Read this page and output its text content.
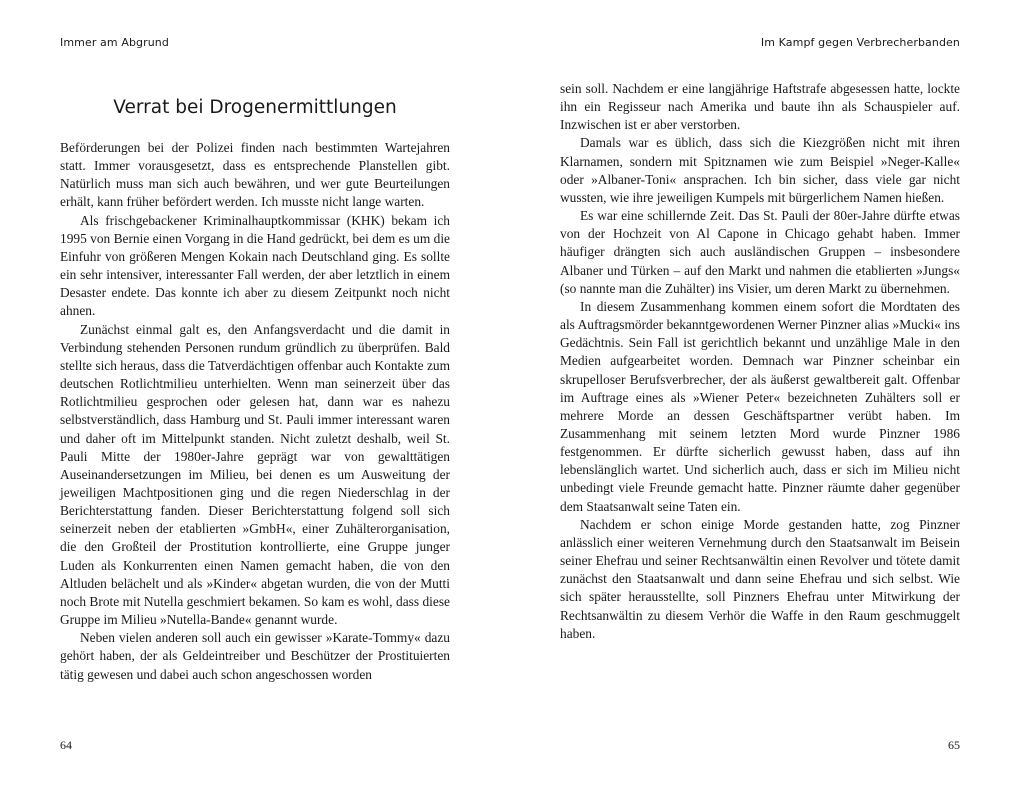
Immer am Abgrund
Verrat bei Drogenermittlungen

Beförderungen bei der Polizei finden nach bestimmten Wartejahren statt. Immer vorausgesetzt, dass es entsprechende Planstellen gibt. Natürlich muss man sich auch bewähren, und wer gute Beurteilungen erhält, kann früher befördert werden. Ich musste nicht lange warten.

Als frischgebackener Kriminalhauptkommissar (KHK) bekam ich 1995 von Bernie einen Vorgang in die Hand gedrückt, bei dem es um die Einfuhr von größeren Mengen Kokain nach Deutschland ging. Es sollte ein sehr intensiver, interessanter Fall werden, der aber letztlich in einem Desaster endete. Das konnte ich aber zu diesem Zeitpunkt noch nicht ahnen.

Zunächst einmal galt es, den Anfangsverdacht und die damit in Verbindung stehenden Personen rundum gründlich zu überprüfen. Bald stellte sich heraus, dass die Tatverdächtigen offenbar auch Kontakte zum deutschen Rotlichtmilieu unterhielten. Wenn man seinerzeit über das Rotlichtmilieu gesprochen oder gelesen hat, dann war es nahezu selbstverständlich, dass Hamburg und St. Pauli immer interessant waren und daher oft im Mittelpunkt standen. Nicht zuletzt deshalb, weil St. Pauli Mitte der 1980er-Jahre geprägt war von gewalttätigen Auseinandersetzungen im Milieu, bei denen es um Ausweitung der jeweiligen Machtpositionen ging und die regen Niederschlag in der Berichterstattung fanden. Dieser Berichterstattung folgend soll sich seinerzeit neben der etablierten »GmbH«, einer Zuhälterorganisation, die den Großteil der Prostitution kontrollierte, eine Gruppe junger Luden als Konkurrenten einen Namen gemacht haben, die von den Altluden belächelt und als »Kinder« abgetan wurden, die von der Mutti noch Brote mit Nutella geschmiert bekamen. So kam es wohl, dass diese Gruppe im Milieu »Nutella-Bande« genannt wurde.

Neben vielen anderen soll auch ein gewisser »Karate-Tommy« dazu gehört haben, der als Geldeintreiber und Beschützer der Prostituierten tätig gewesen und dabei auch schon angeschossen worden

64
Im Kampf gegen Verbrecherbanden

sein soll. Nachdem er eine langjährige Haftstrafe abgesessen hatte, lockte ihn ein Regisseur nach Amerika und baute ihn als Schauspieler auf. Inzwischen ist er aber verstorben.

Damals war es üblich, dass sich die Kiezgrößen nicht mit ihren Klarnamen, sondern mit Spitznamen wie zum Beispiel »Neger-Kalle« oder »Albaner-Toni« ansprachen. Ich bin sicher, dass viele gar nicht wussten, wie ihre jeweiligen Kumpels mit bürgerlichem Namen hießen.

Es war eine schillernde Zeit. Das St. Pauli der 80er-Jahre dürfte etwas von der Hochzeit von Al Capone in Chicago gehabt haben. Immer häufiger drängten sich auch ausländischen Gruppen – insbesondere Albaner und Türken – auf den Markt und nahmen die etablierten »Jungs« (so nannte man die Zuhälter) ins Visier, um deren Markt zu übernehmen.

In diesem Zusammenhang kommen einem sofort die Mordtaten des als Auftragsmörder bekanntgewordenen Werner Pinzner alias »Mucki« ins Gedächtnis. Sein Fall ist gerichtlich bekannt und unzählige Male in den Medien aufgearbeitet worden. Demnach war Pinzner scheinbar ein skrupelloser Berufsverbrecher, der als äußerst gewaltbereit galt. Offenbar im Auftrage eines als »Wiener Peter« bezeichneten Zuhälters soll er mehrere Morde an dessen Geschäftspartner verübt haben. Im Zusammenhang mit seinem letzten Mord wurde Pinzner 1986 festgenommen. Er dürfte sicherlich gewusst haben, dass auf ihn lebenslänglich wartet. Und sicherlich auch, dass er sich im Milieu nicht unbedingt viele Freunde gemacht hatte. Pinzner räumte daher gegenüber dem Staatsanwalt seine Taten ein.

Nachdem er schon einige Morde gestanden hatte, zog Pinzner anlässlich einer weiteren Vernehmung durch den Staatsanwalt im Beisein seiner Ehefrau und seiner Rechtsanwältin einen Revolver und tötete damit zunächst den Staatsanwalt und dann seine Ehefrau und sich selbst. Wie sich später herausstellte, soll Pinzners Ehefrau unter Mitwirkung der Rechtsanwältin zu diesem Verhör die Waffe in den Raum geschmuggelt haben.

65
